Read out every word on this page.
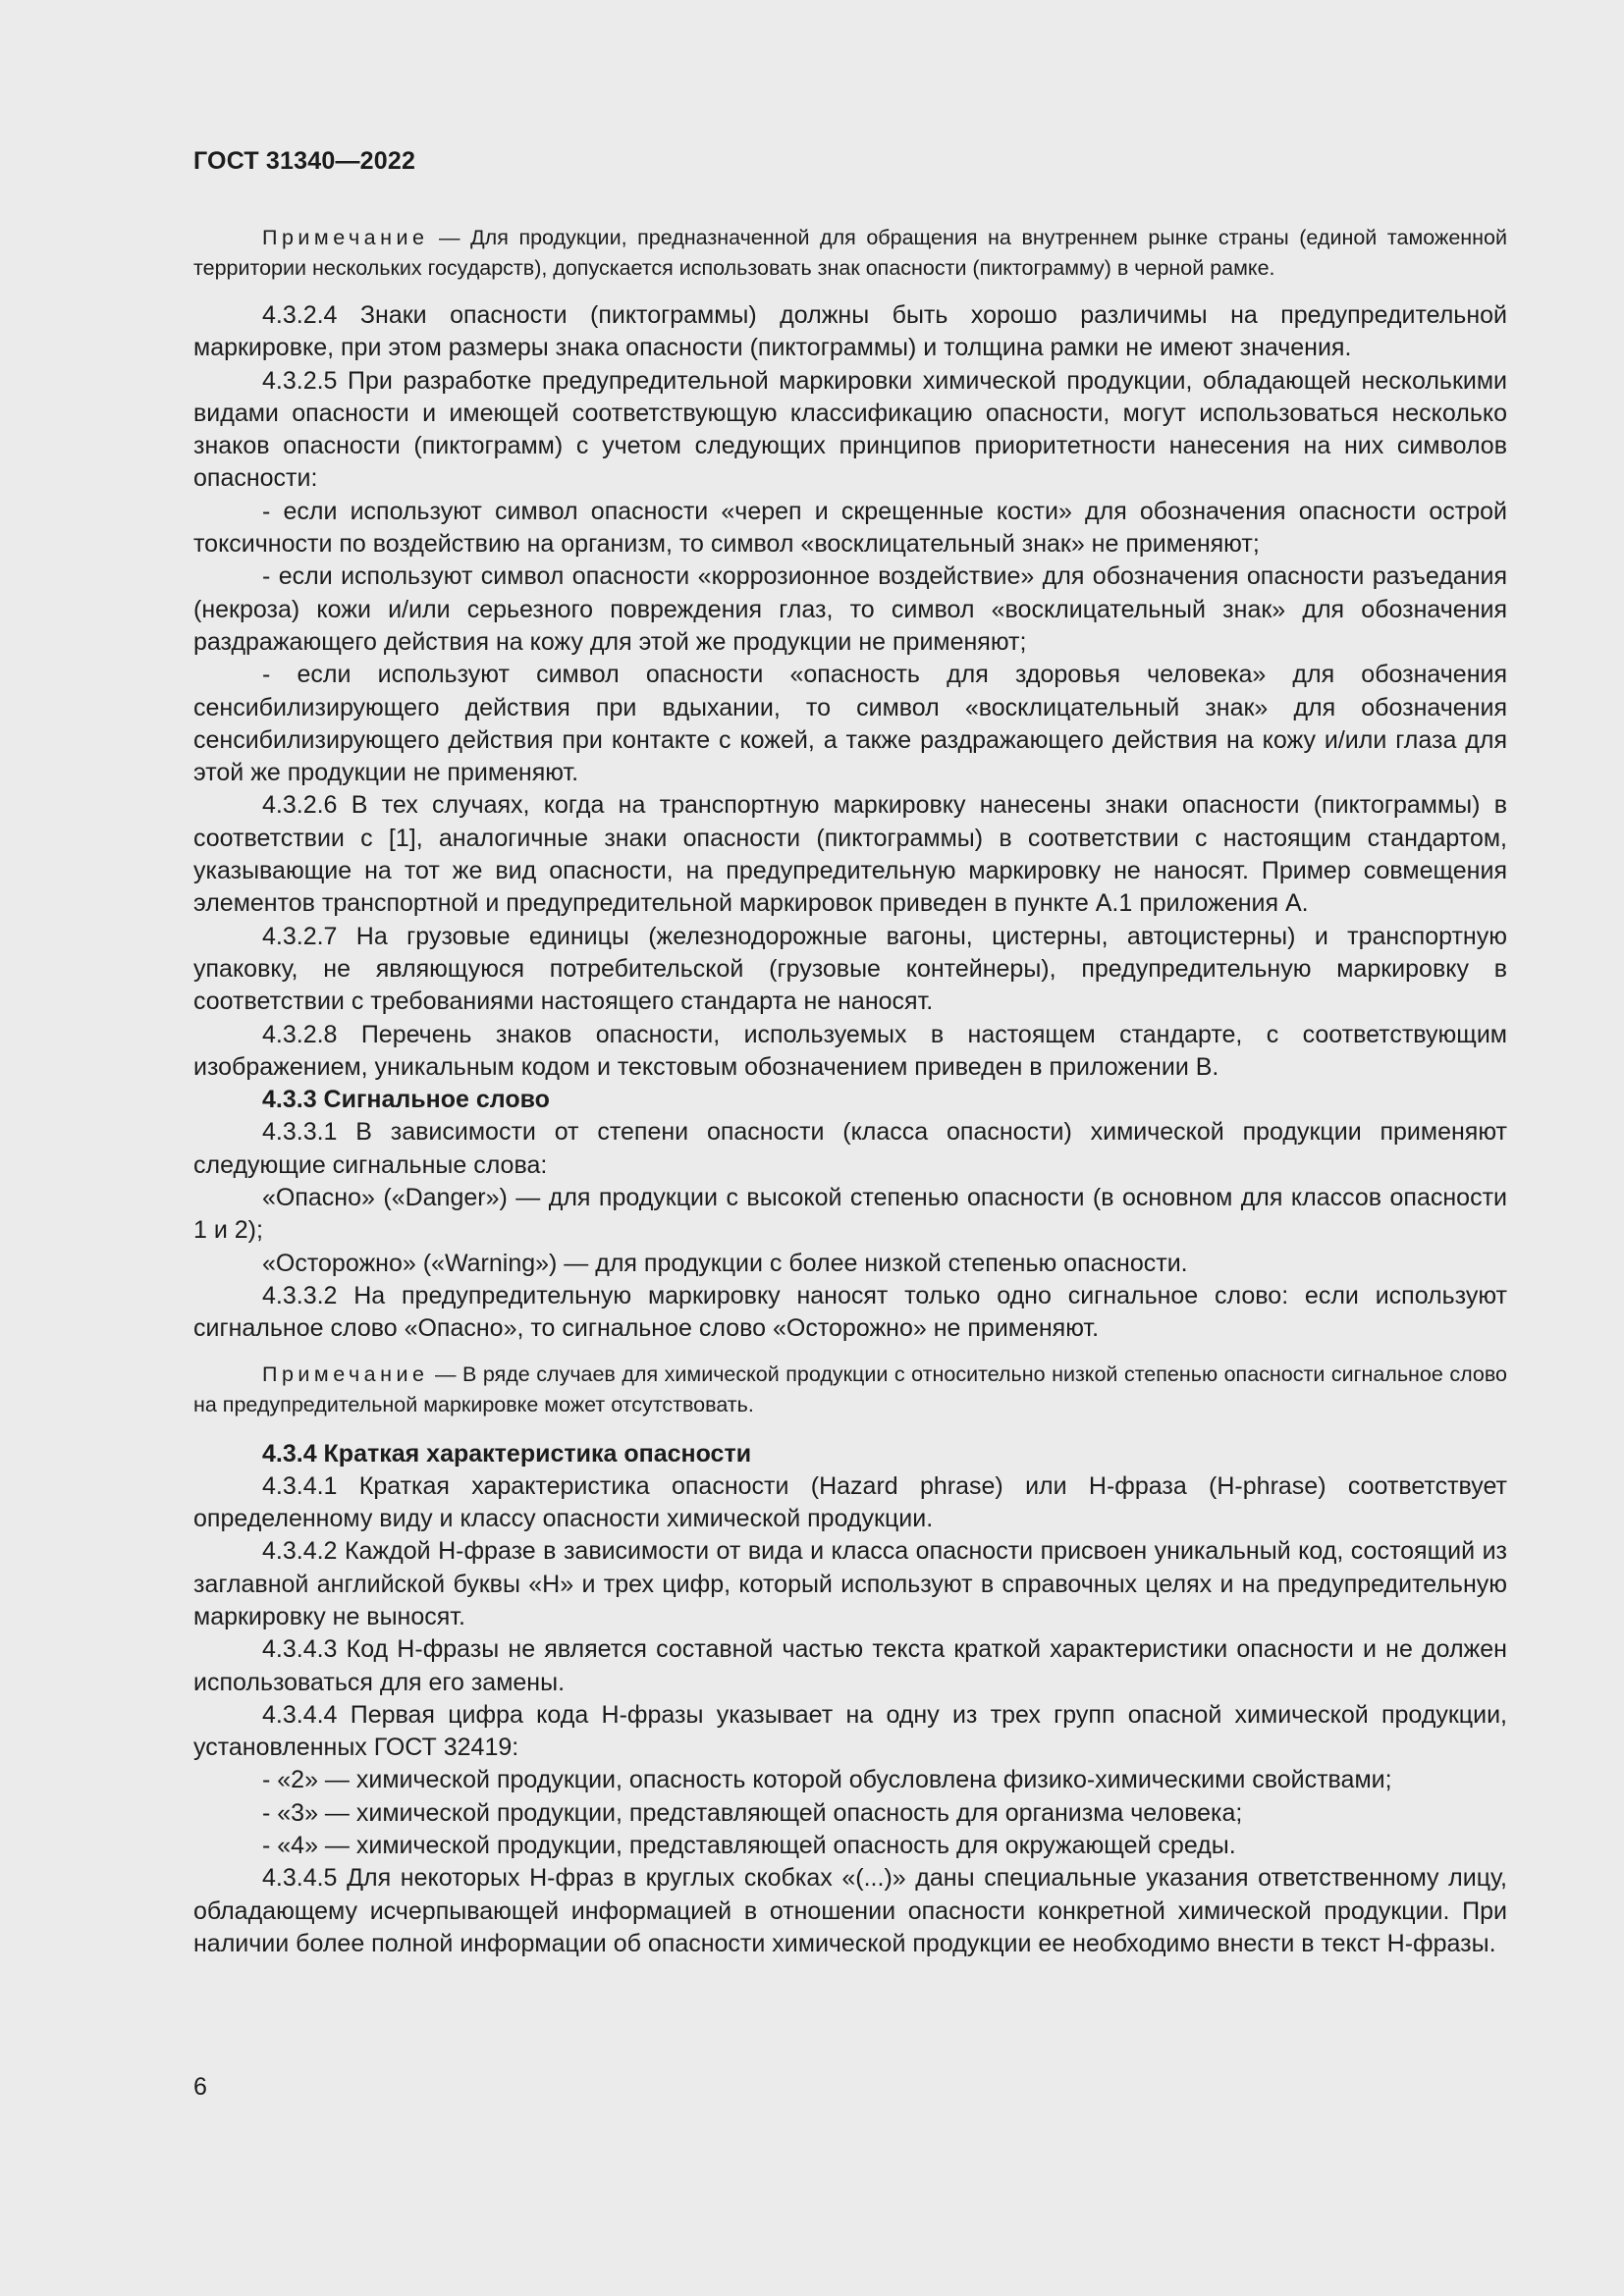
ГОСТ 31340—2022

Примечание — Для продукции, предназначенной для обращения на внутреннем рынке страны (единой таможенной территории нескольких государств), допускается использовать знак опасности (пиктограмму) в черной рамке.

4.3.2.4 Знаки опасности (пиктограммы) должны быть хорошо различимы на предупредительной маркировке, при этом размеры знака опасности (пиктограммы) и толщина рамки не имеют значения.

4.3.2.5 При разработке предупредительной маркировки химической продукции, обладающей несколькими видами опасности и имеющей соответствующую классификацию опасности, могут использоваться несколько знаков опасности (пиктограмм) с учетом следующих принципов приоритетности нанесения на них символов опасности:

- если используют символ опасности «череп и скрещенные кости» для обозначения опасности острой токсичности по воздействию на организм, то символ «восклицательный знак» не применяют;

- если используют символ опасности «коррозионное воздействие» для обозначения опасности разъедания (некроза) кожи и/или серьезного повреждения глаз, то символ «восклицательный знак» для обозначения раздражающего действия на кожу для этой же продукции не применяют;

- если используют символ опасности «опасность для здоровья человека» для обозначения сенсибилизирующего действия при вдыхании, то символ «восклицательный знак» для обозначения сенсибилизирующего действия при контакте с кожей, а также раздражающего действия на кожу и/или глаза для этой же продукции не применяют.

4.3.2.6 В тех случаях, когда на транспортную маркировку нанесены знаки опасности (пиктограммы) в соответствии с [1], аналогичные знаки опасности (пиктограммы) в соответствии с настоящим стандартом, указывающие на тот же вид опасности, на предупредительную маркировку не наносят. Пример совмещения элементов транспортной и предупредительной маркировок приведен в пункте А.1 приложения А.

4.3.2.7 На грузовые единицы (железнодорожные вагоны, цистерны, автоцистерны) и транспортную упаковку, не являющуюся потребительской (грузовые контейнеры), предупредительную маркировку в соответствии с требованиями настоящего стандарта не наносят.

4.3.2.8 Перечень знаков опасности, используемых в настоящем стандарте, с соответствующим изображением, уникальным кодом и текстовым обозначением приведен в приложении В.

4.3.3 Сигнальное слово

4.3.3.1 В зависимости от степени опасности (класса опасности) химической продукции применяют следующие сигнальные слова:

«Опасно» («Danger») — для продукции с высокой степенью опасности (в основном для классов опасности 1 и 2);

«Осторожно» («Warning») — для продукции с более низкой степенью опасности.

4.3.3.2 На предупредительную маркировку наносят только одно сигнальное слово: если используют сигнальное слово «Опасно», то сигнальное слово «Осторожно» не применяют.

Примечание — В ряде случаев для химической продукции с относительно низкой степенью опасности сигнальное слово на предупредительной маркировке может отсутствовать.

4.3.4 Краткая характеристика опасности

4.3.4.1 Краткая характеристика опасности (Hazard phrase) или Н-фраза (H-phrase) соответствует определенному виду и классу опасности химической продукции.

4.3.4.2 Каждой Н-фразе в зависимости от вида и класса опасности присвоен уникальный код, состоящий из заглавной английской буквы «Н» и трех цифр, который используют в справочных целях и на предупредительную маркировку не выносят.

4.3.4.3 Код Н-фразы не является составной частью текста краткой характеристики опасности и не должен использоваться для его замены.

4.3.4.4 Первая цифра кода Н-фразы указывает на одну из трех групп опасной химической продукции, установленных ГОСТ 32419:

- «2» — химической продукции, опасность которой обусловлена физико-химическими свойствами;

- «3» — химической продукции, представляющей опасность для организма человека;

- «4» — химической продукции, представляющей опасность для окружающей среды.

4.3.4.5 Для некоторых Н-фраз в круглых скобках «(...)» даны специальные указания ответственному лицу, обладающему исчерпывающей информацией в отношении опасности конкретной химической продукции. При наличии более полной информации об опасности химической продукции ее необходимо внести в текст Н-фразы.

6
